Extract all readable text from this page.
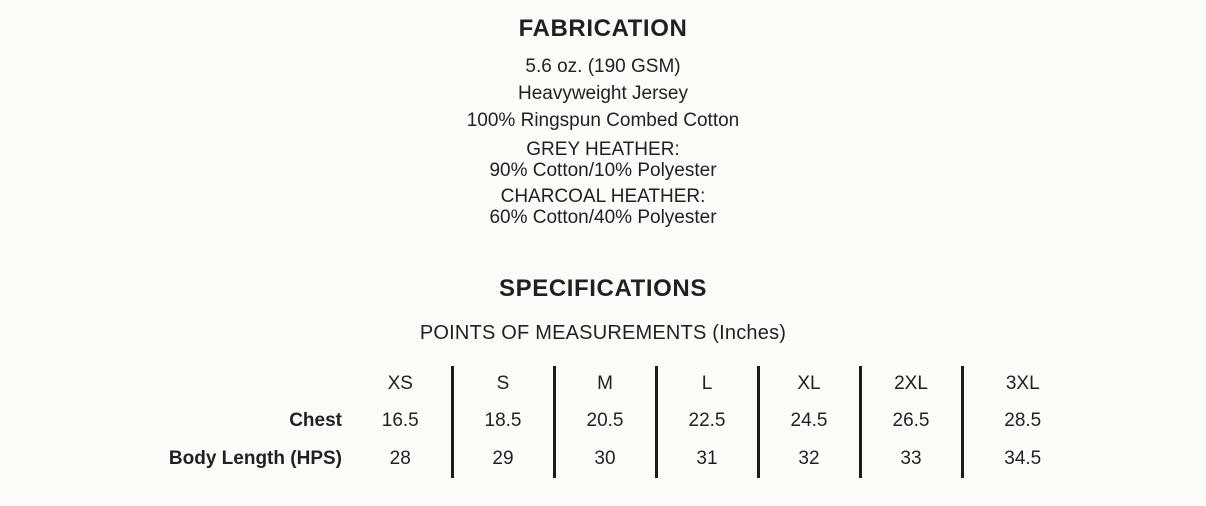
FABRICATION
5.6 oz. (190 GSM)
Heavyweight Jersey
100% Ringspun Combed Cotton
GREY HEATHER:
90% Cotton/10% Polyester
CHARCOAL HEATHER:
60% Cotton/40% Polyester
SPECIFICATIONS
POINTS OF MEASUREMENTS (Inches)
	XS	S	M	L	XL	2XL	3XL
Chest	16.5	18.5	20.5	22.5	24.5	26.5	28.5
Body Length (HPS)	28	29	30	31	32	33	34.5
